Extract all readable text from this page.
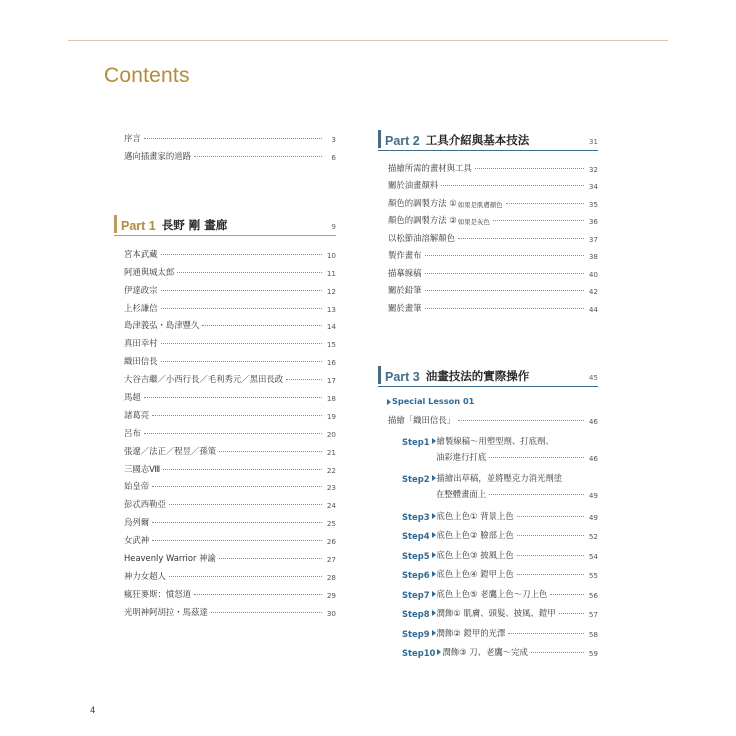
Contents
序言	3
邁向插畫家的道路	6
Part 1 長野 剛 畫廊	9
宮本武藏	10
阿通與城太郎	11
伊達政宗	12
上杉謙信	13
島津義弘・島津豐久	14
真田幸村	15
織田信長	16
大谷吉繼／小西行長／毛利秀元／黑田長政	17
馬超	18
諸葛亮	19
呂布	20
張遼／法正／程昱／孫策	21
三國志Ⅷ	22
始皇帝	23
彭忒西勒亞	24
烏列爾	25
女武神	26
Heavenly Warrior 神諭	27
神力女超人	28
瘋狂麥斯：憤怒道	29
光明神阿胡拉・馬茲達	30
Part 2 工具介紹與基本技法	31
描繪所需的畫材與工具	32
關於油畫顏料	34
顏色的調製方法 ① 如果是肌膚顏色	35
顏色的調製方法 ② 如果是灰色	36
以松節油溶解顏色	37
製作畫布	38
描摹線稿	40
關於鉛筆	42
關於畫筆	44
Part 3 油畫技法的實際操作	45
Special Lesson 01
描繪「織田信長」	46
Step1 繪製線稿～用塑型劑、打底劑、
油彩進行打底	46
Step2 描繪出草稿，並將壓克力消光劑塗
在整體畫面上	49
Step3 底色上色① 背景上色	49
Step4 底色上色② 臉部上色	52
Step5 底色上色③ 披風上色	54
Step6 底色上色④ 鎧甲上色	55
Step7 底色上色⑤ 老鷹上色～刀上色	56
Step8 潤飾① 肌膚、頭髮、披風、鎧甲	57
Step9 潤飾② 鎧甲的光澤	58
Step10 潤飾③ 刀、老鷹～完成	59
4
